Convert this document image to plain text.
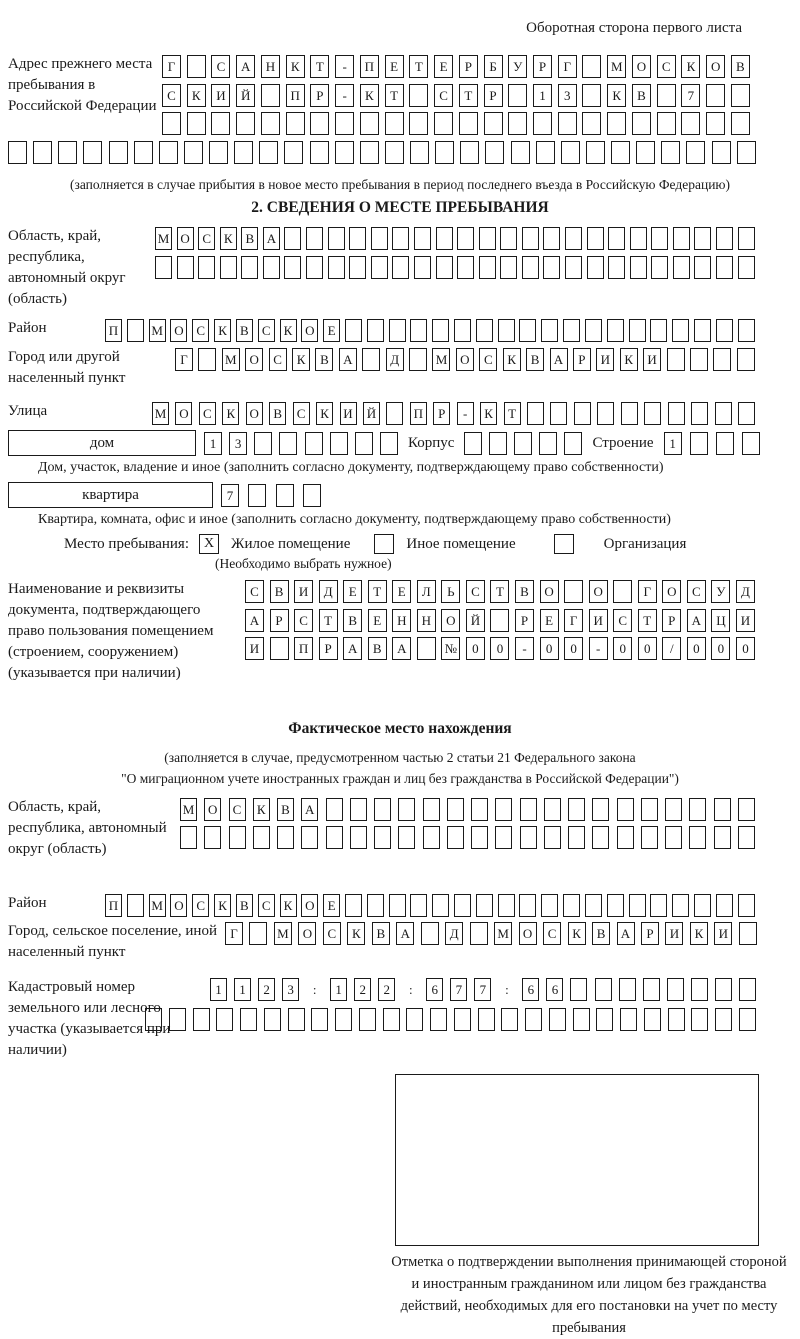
Оборотная сторона первого листа
Адрес прежнего места пребывания в Российской Федерации
Г	С	А	Н	К	Т	-	П	Е	Т	Е	Р	Б	У	Р	Г	М	О	С	К	О	В
С	К	И	Й	П	Р	-	К	Т	С	Т	Р	1	3	К	В	7
(заполняется в случае прибытия в новое место пребывания в период последнего въезда в Российскую Федерацию)
2. СВЕДЕНИЯ О МЕСТЕ ПРЕБЫВАНИЯ
Область, край, республика, автономный округ (область)
М О С К В А
Район	П	М О С	К	В	С	К О	Е
Город или другой населенный пункт
Г	М О	С	К	В	А	Д	М О	С	К	В	А	Р	И	К	И
Улица	М О	С	К	О	В	С	К	И Й	П	Р	-	К	Т
дом	1	3	Корпус	Строение	1
Дом, участок, владение и иное (заполнить согласно документу, подтверждающему право собственности)
квартира	7
Квартира, комната, офис и иное (заполнить согласно документу, подтверждающему право собственности)
Место пребывания:	X	Жилое помещение	Иное помещение	Организация
(Необходимо выбрать нужное)
Наименование и реквизиты документа, подтверждающего право пользования помещением (строением, сооружением) (указывается при наличии)
С	В	И	Д	Е	Т	Е	Л	Ь	С	Т	В	О	О	Г	О	С	У	Д
А	Р	С	Т	В	Е	Н	Н	О	Й	Р	Е	Г	И	С	Т	Р	А	Ц	И
И	П	Р	А	В	А	№	0	0	-	0	0	-	0	0	/	0	0	0
Фактическое место нахождения
(заполняется в случае, предусмотренном частью 2 статьи 21 Федерального закона
"О миграционном учете иностранных граждан и лиц без гражданства в Российской Федерации")
Область, край, республика, автономный округ (область)
М О	С	К	В	А
Район	П	М О С	К	В	С	К О	Е
Город, сельское поселение, иной населенный пункт
Г	М	О	С	К	В	А	Д	М	О	С	К	В	А	Р	И	К	И
Кадастровый номер земельного или лесного участка (указывается при наличии)
1	1	2	3	:	1	2	2	:	6	7	7	:	6	6
Отметка о подтверждении выполнения принимающей стороной и иностранным гражданином или лицом без гражданства действий, необходимых для его постановки на учет по месту пребывания
